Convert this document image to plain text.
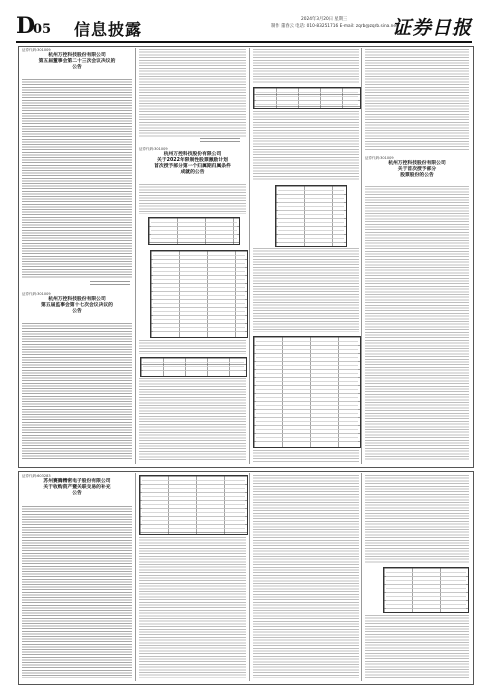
D
05 信息披露
2024年3月20日 星期三
制作 董春云 电话: 010-83251716 E-mail: zqrb@zqrb.sina.net
证券日报
证券代码:301009
杭州万控科技股份有限公司
第五届董事会第二十三次会议决议的
公告
证券代码:301009
杭州万控科技股份有限公司
第五届监事会第十七次会议决议的
公告
证券代码:301009
杭州万控科技股份有限公司
关于2022年限制性股票激励计划
首次授予部分第一个归属期归属条件
成就的公告
证券代码:301009
杭州万控科技股份有限公司
关于首次授予部分
股票股份的公告
证券代码:603283
苏州赛腾精密电子股份有限公司
关于收购资产暨关联交易的补充
公告
